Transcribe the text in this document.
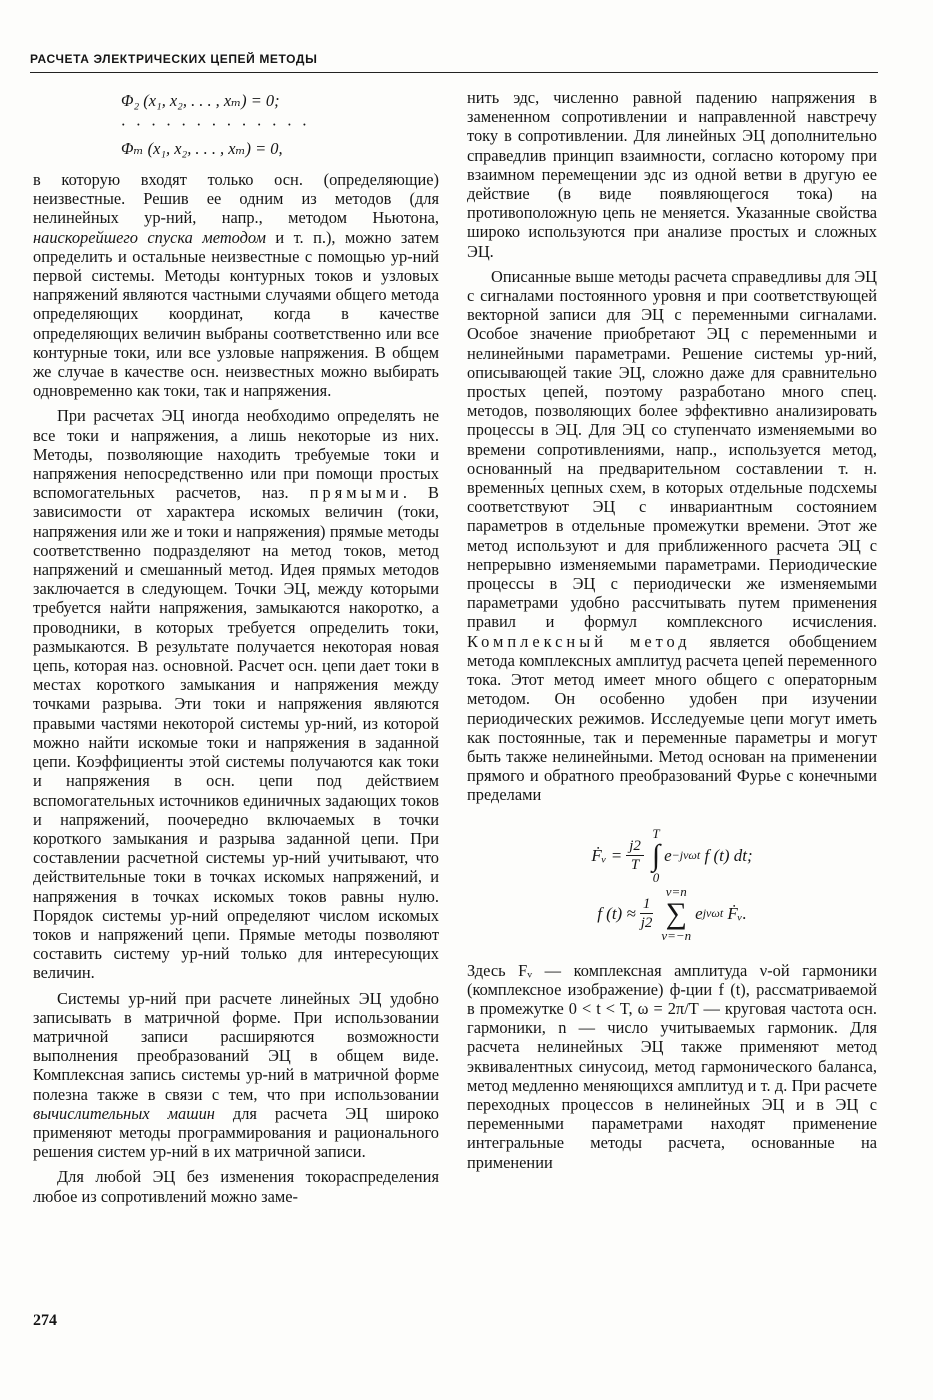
РАСЧЕТА ЭЛЕКТРИЧЕСКИХ ЦЕПЕЙ МЕТОДЫ
Φ₂ (x₁, x₂, . . . , xₘ) = 0;
·············
Φₘ (x₁, x₂, . . . , xₘ) = 0,

в которую входят только осн. (определяющие) неизвестные. Решив ее одним из методов (для нелинейных ур-ний, напр., методом Ньютона, наискорейшего спуска методом и т. п.), можно затем определить и остальные неизвестные с помощью ур-ний первой системы. Методы контурных токов и узловых напряжений являются частными случаями общего метода определяющих координат, когда в качестве определяющих величин выбраны соответственно или все контурные токи, или все узловые напряжения. В общем же случае в качестве осн. неизвестных можно выбирать одновременно как токи, так и напряжения.

При расчетах ЭЦ иногда необходимо определять не все токи и напряжения, а лишь некоторые из них. Методы, позволяющие находить требуемые токи и напряжения непосредственно или при помощи простых вспомогательных расчетов, наз. прямыми. В зависимости от характера искомых величин (токи, напряжения или же и токи и напряжения) прямые методы соответственно подразделяют на метод токов, метод напряжений и смешанный метод. Идея прямых методов заключается в следующем. Точки ЭЦ, между которыми требуется найти напряжения, замыкаются накоротко, а проводники, в которых требуется определить токи, размыкаются. В результате получается некоторая новая цепь, которая наз. основной. Расчет осн. цепи дает токи в местах короткого замыкания и напряжения между точками разрыва. Эти токи и напряжения являются правыми частями некоторой системы ур-ний, из которой можно найти искомые токи и напряжения в заданной цепи. Коэффициенты этой системы получаются как токи и напряжения в осн. цепи под действием вспомогательных источников единичных задающих токов и напряжений, поочередно включаемых в точки короткого замыкания и разрыва заданной цепи. При составлении расчетной системы ур-ний учитывают, что действительные токи в точках искомых напряжений, и напряжения в точках искомых токов равны нулю. Порядок системы ур-ний определяют числом искомых токов и напряжений цепи. Прямые методы позволяют составить систему ур-ний только для интересующих величин.

Системы ур-ний при расчете линейных ЭЦ удобно записывать в матричной форме. При использовании матричной записи расширяются возможности выполнения преобразований ЭЦ в общем виде. Комплексная запись системы ур-ний в матричной форме полезна также в связи с тем, что при использовании вычислительных машин для расчета ЭЦ широко применяют методы программирования и рационального решения систем ур-ний в их матричной записи.

Для любой ЭЦ без изменения токораспределения любое из сопротивлений можно заме-

нить эдс, численно равной падению напряжения в замененном сопротивлении и направленной навстречу току в сопротивлении. Для линейных ЭЦ дополнительно справедлив принцип взаимности, согласно которому при взаимном перемещении эдс из одной ветви в другую ее действие (в виде появляющегося тока) на противоположную цепь не меняется. Указанные свойства широко используются при анализе простых и сложных ЭЦ.

Описанные выше методы расчета справедливы для ЭЦ с сигналами постоянного уровня и при соответствующей векторной записи для ЭЦ с переменными сигналами. Особое значение приобретают ЭЦ с переменными и нелинейными параметрами. Решение системы ур-ний, описывающей такие ЭЦ, сложно даже для сравнительно простых цепей, поэтому разработано много спец. методов, позволяющих более эффективно анализировать процессы в ЭЦ. Для ЭЦ со ступенчато изменяемыми во времени сопротивлениями, напр., используется метод, основанный на предварительном составлении т. н. временны́х цепных схем, в которых отдельные подсхемы соответствуют ЭЦ с инвариантным состоянием параметров в отдельные промежутки времени. Этот же метод используют и для приближенного расчета ЭЦ с непрерывно изменяемыми параметрами. Периодические процессы в ЭЦ с периодически же изменяемыми параметрами удобно рассчитывать путем применения правил и формул комплексного исчисления. Комплексный метод является обобщением метода комплексных амплитуд расчета цепей переменного тока. Этот метод имеет много общего с операторным методом. Он особенно удобен при изучении периодических режимов. Исследуемые цепи могут иметь как постоянные, так и переменные параметры и могут быть также нелинейными. Метод основан на применении прямого и обратного преобразований Фурье с конечными пределами

Ḟᵥ = $\frac{j2}{T}$
T
∫
0
e −jνωt
f (t) dt;
f $(t) \approx \frac{1}{j2}$
ν=n
∑
ν=−n
e jνωt
Ḟᵥ.

Здесь Fᵥ — комплексная амплитуда ν-ой гармоники (комплексное изображение) ф-ции f (t), рассматриваемой в промежутке 0 < t < T, ω = 2π/T — круговая частота осн. гармоники, n — число учитываемых гармоник. Для расчета нелинейных ЭЦ также применяют метод эквивалентных синусоид, метод гармонического баланса, метод медленно меняющихся амплитуд и т. д. При расчете переходных процессов в нелинейных ЭЦ и в ЭЦ с переменными параметрами находят применение интегральные методы расчета, основанные на применении

274
